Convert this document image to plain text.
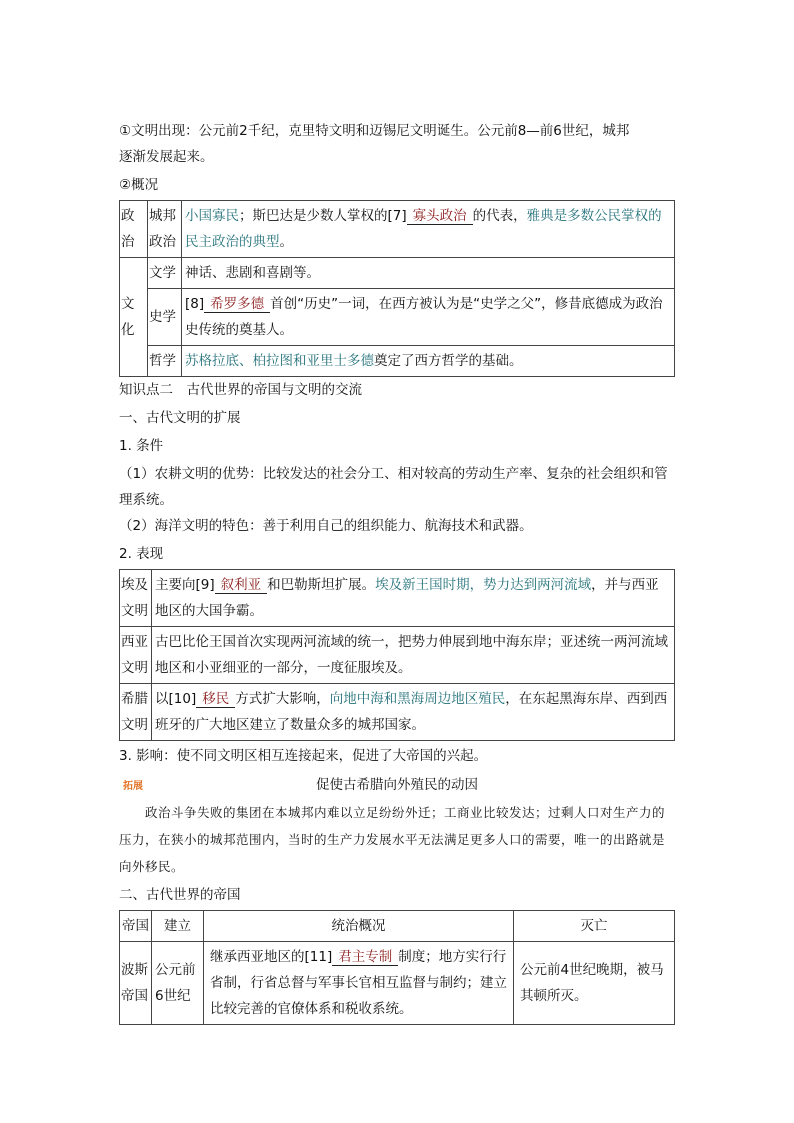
①文明出现：公元前2千纪，克里特文明和迈锡尼文明诞生。公元前8—前6世纪，城邦

逐渐发展起来。

②概况

政治	城邦政治	小国寡民；斯巴达是少数人掌权的[7] 寡头政治 的代表，雅典是多数公民掌权的民主政治的典型。
文化	文学	神话、悲剧和喜剧等。
	史学	[8] 希罗多德 首创“历史”一词，在西方被认为是“史学之父”，修昔底德成为政治史传统的奠基人。
	哲学	苏格拉底、柏拉图和亚里士多德奠定了西方哲学的基础。

知识点二　古代世界的帝国与文明的交流

一、古代文明的扩展

1. 条件

（1）农耕文明的优势：比较发达的社会分工、相对较高的劳动生产率、复杂的社会组织和管理系统。

（2）海洋文明的特色：善于利用自己的组织能力、航海技术和武器。

2. 表现

埃及文明	主要向[9] 叙利亚 和巴勒斯坦扩展。埃及新王国时期，势力达到两河流域，并与西亚地区的大国争霸。
西亚文明	古巴比伦王国首次实现两河流域的统一，把势力伸展到地中海东岸；亚述统一两河流域地区和小亚细亚的一部分，一度征服埃及。
希腊文明	以[10] 移民 方式扩大影响，向地中海和黑海周边地区殖民，在东起黑海东岸、西到西班牙的广大地区建立了数量众多的城邦国家。

3. 影响：使不同文明区相互连接起来，促进了大帝国的兴起。

拓展	促使古希腊向外殖民的动因

政治斗争失败的集团在本城邦内难以立足纷纷外迁；工商业比较发达；过剩人口对生产力的压力，在狭小的城邦范围内，当时的生产力发展水平无法满足更多人口的需要，唯一的出路就是向外移民。

二、古代世界的帝国

帝国	建立	统治概况	灭亡
波斯帝国	公元前6世纪	继承西亚地区的[11] 君主专制 制度；地方实行行省制，行省总督与军事长官相互监督与制约；建立比较完善的官僚体系和税收系统。	公元前4世纪晚期，被马其顿所灭。
